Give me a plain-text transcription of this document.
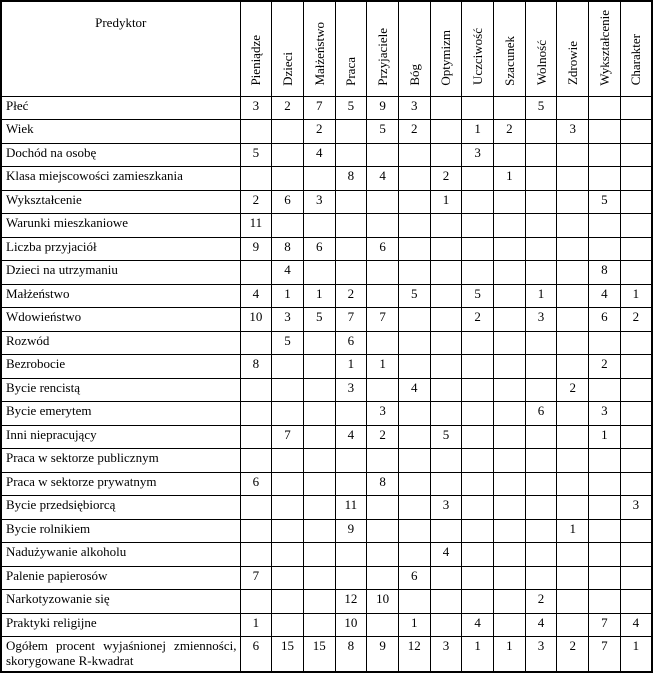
Predyktor	Pieniądze	Dzieci	Małżeństwo	Praca	Przyjaciele	Bóg	Optymizm	Uczciwość	Szacunek	Wolność	Zdrowie	Wykształcenie	Charakter
Płeć	3	2	7	5	9	3				5			
Wiek			2		5	2		1	2		3		
Dochód na osobę	5		4					3					
Klasa miejscowości zamieszkania				8	4		2		1				
Wykształcenie	2	6	3				1					5	
Warunki mieszkaniowe	11												
Liczba przyjaciół	9	8	6		6								
Dzieci na utrzymaniu		4										8	
Małżeństwo	4	1	1	2		5		5		1		4	1
Wdowieństwo	10	3	5	7	7			2		3		6	2
Rozwód		5		6									
Bezrobocie	8			1	1							2	
Bycie rencistą				3		4					2		
Bycie emerytem					3					6		3	
Inni niepracujący		7		4	2		5					1	
Praca w sektorze publicznym													
Praca w sektorze prywatnym	6				8								
Bycie przedsiębiorcą				11			3						3
Bycie rolnikiem				9							1		
Nadużywanie alkoholu							4						
Palenie papierosów	7					6							
Narkotyzowanie się				12	10					2			
Praktyki religijne	1			10		1		4		4		7	4
Ogółem procent wyjaśnionej zmienności, skorygowane R-kwadrat	6	15	15	8	9	12	3	1	1	3	2	7	1
